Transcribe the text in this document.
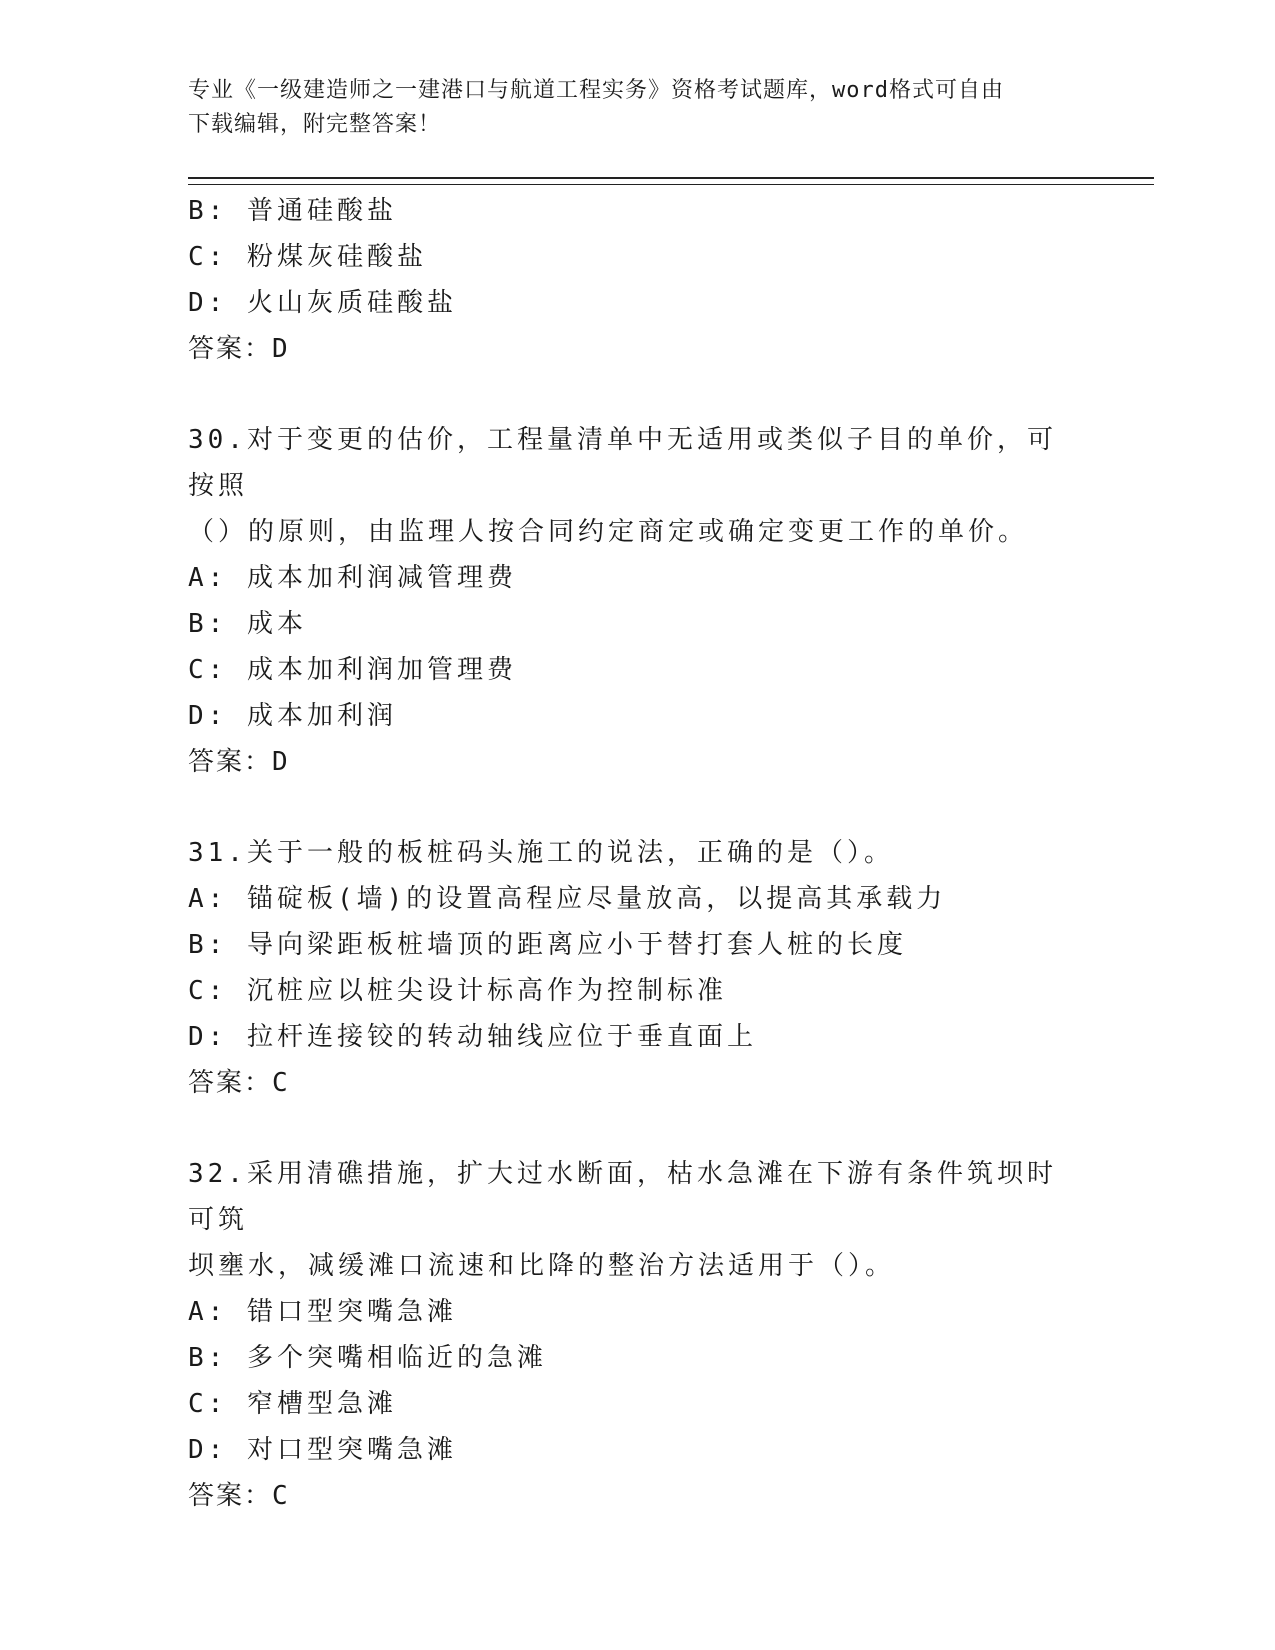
专业《一级建造师之一建港口与航道工程实务》资格考试题库，word格式可自由
下载编辑，附完整答案！
B: 普通硅酸盐
C: 粉煤灰硅酸盐
D: 火山灰质硅酸盐
答案：D
30.对于变更的估价，工程量清单中无适用或类似子目的单价，可按照
（）的原则，由监理人按合同约定商定或确定变更工作的单价。
A: 成本加利润减管理费
B: 成本
C: 成本加利润加管理费
D: 成本加利润
答案：D
31.关于一般的板桩码头施工的说法，正确的是（）。
A: 锚碇板(墙)的设置高程应尽量放高，以提高其承载力
B: 导向梁距板桩墙顶的距离应小于替打套人桩的长度
C: 沉桩应以桩尖设计标高作为控制标准
D: 拉杆连接铰的转动轴线应位于垂直面上
答案：C
32.采用清礁措施，扩大过水断面，枯水急滩在下游有条件筑坝时可筑
坝壅水，减缓滩口流速和比降的整治方法适用于（）。
A: 错口型突嘴急滩
B: 多个突嘴相临近的急滩
C: 窄槽型急滩
D: 对口型突嘴急滩
答案：C
